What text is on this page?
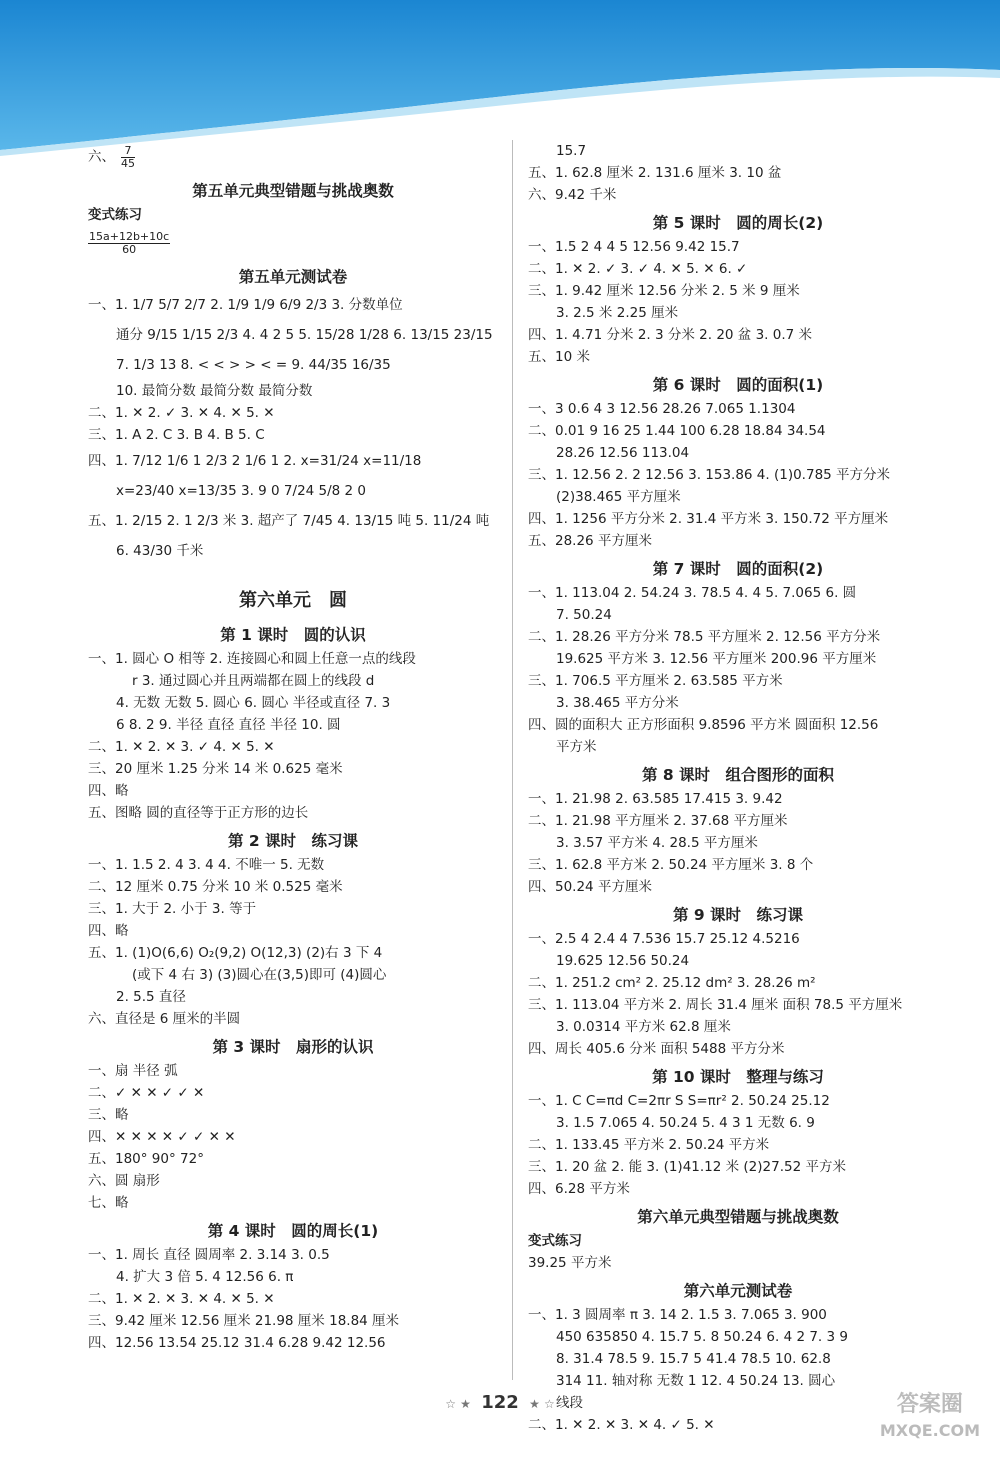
六、 $\frac{7}{45}$
第五单元典型错题与挑战奥数
变式练习
$\frac{15a+12b+10c}{60}$
第五单元测试卷
一、1. 1/7 5/7 2/7 2. 1/9 1/9 6/9 2/3 3. 分数单位
通分 9/15 1/15 2/3 4. 4 2 5 5. 15/28 1/28 6. 13/15 23/15
7. 1/3 13 8. < < > > < = 9. 44/35 16/35
10. 最简分数 最简分数 最简分数
二、1. ✕ 2. ✓ 3. ✕ 4. ✕ 5. ✕
三、1. A 2. C 3. B 4. B 5. C
四、1. 7/12 1/6 1 2/3 2 1/6 1 2. x=31/24 x=11/18
x=23/40 x=13/35 3. 9 0 7/24 5/8 2 0
五、1. 2/15 2. 1 2/3 米 3. 超产了 7/45 4. 13/15 吨 5. 11/24 吨
6. 43/30 千米
第六单元　圆
第 1 课时　圆的认识
一、1. 圆心 O 相等 2. 连接圆心和圆上任意一点的线段
r 3. 通过圆心并且两端都在圆上的线段 d
4. 无数 无数 5. 圆心 6. 圆心 半径或直径 7. 3
6 8. 2 9. 半径 直径 直径 半径 10. 圆
二、1. ✕ 2. ✕ 3. ✓ 4. ✕ 5. ✕
三、20 厘米 1.25 分米 14 米 0.625 毫米
四、略
五、图略 圆的直径等于正方形的边长
第 2 课时　练习课
一、1. 1.5 2. 4 3. 4 4. 不唯一 5. 无数
二、12 厘米 0.75 分米 10 米 0.525 毫米
三、1. 大于 2. 小于 3. 等于
四、略
五、1. (1)O(6,6) O₂(9,2) O(12,3) (2)右 3 下 4
(或下 4 右 3) (3)圆心在(3,5)即可 (4)圆心
2. 5.5 直径
六、直径是 6 厘米的半圆
第 3 课时　扇形的认识
一、扇 半径 弧
二、✓ ✕ ✕ ✓ ✓ ✕
三、略
四、✕ ✕ ✕ ✕ ✓ ✓ ✕ ✕
五、180° 90° 72°
六、圆 扇形
七、略
第 4 课时　圆的周长(1)
一、1. 周长 直径 圆周率 2. 3.14 3. 0.5
4. 扩大 3 倍 5. 4 12.56 6. π
二、1. ✕ 2. ✕ 3. ✕ 4. ✕ 5. ✕
三、9.42 厘米 12.56 厘米 21.98 厘米 18.84 厘米
四、12.56 13.54 25.12 31.4 6.28 9.42 12.56
15.7
五、1. 62.8 厘米 2. 131.6 厘米 3. 10 盆
六、9.42 千米
第 5 课时　圆的周长(2)
一、1.5 2 4 4 5 12.56 9.42 15.7
二、1. ✕ 2. ✓ 3. ✓ 4. ✕ 5. ✕ 6. ✓
三、1. 9.42 厘米 12.56 分米 2. 5 米 9 厘米
3. 2.5 米 2.25 厘米
四、1. 4.71 分米 2. 3 分米 2. 20 盆 3. 0.7 米
五、10 米
第 6 课时　圆的面积(1)
一、3 0.6 4 3 12.56 28.26 7.065 1.1304
二、0.01 9 16 25 1.44 100 6.28 18.84 34.54
28.26 12.56 113.04
三、1. 12.56 2. 2 12.56 3. 153.86 4. (1)0.785 平方分米
(2)38.465 平方厘米
四、1. 1256 平方分米 2. 31.4 平方米 3. 150.72 平方厘米
五、28.26 平方厘米
第 7 课时　圆的面积(2)
一、1. 113.04 2. 54.24 3. 78.5 4. 4 5. 7.065 6. 圆
7. 50.24
二、1. 28.26 平方分米 78.5 平方厘米 2. 12.56 平方分米
19.625 平方米 3. 12.56 平方厘米 200.96 平方厘米
三、1. 706.5 平方厘米 2. 63.585 平方米
3. 38.465 平方分米
四、圆的面积大 正方形面积 9.8596 平方米 圆面积 12.56
平方米
第 8 课时　组合图形的面积
一、1. 21.98 2. 63.585 17.415 3. 9.42
二、1. 21.98 平方厘米 2. 37.68 平方厘米
3. 3.57 平方米 4. 28.5 平方厘米
三、1. 62.8 平方米 2. 50.24 平方厘米 3. 8 个
四、50.24 平方厘米
第 9 课时　练习课
一、2.5 4 2.4 4 7.536 15.7 25.12 4.5216
19.625 12.56 50.24
二、1. 251.2 cm² 2. 25.12 dm² 3. 28.26 m²
三、1. 113.04 平方米 2. 周长 31.4 厘米 面积 78.5 平方厘米
3. 0.0314 平方米 62.8 厘米
四、周长 405.6 分米 面积 5488 平方分米
第 10 课时　整理与练习
一、1. C C=πd C=2πr S S=πr² 2. 50.24 25.12
3. 1.5 7.065 4. 50.24 5. 4 3 1 无数 6. 9
二、1. 133.45 平方米 2. 50.24 平方米
三、1. 20 盆 2. 能 3. (1)41.12 米 (2)27.52 平方米
四、6.28 平方米
第六单元典型错题与挑战奥数
变式练习
39.25 平方米
第六单元测试卷
一、1. 3 圆周率 π 3. 14 2. 1.5 3. 7.065 3. 900
450 635850 4. 15.7 5. 8 50.24 6. 4 2 7. 3 9
8. 31.4 78.5 9. 15.7 5 41.4 78.5 10. 62.8
314 11. 轴对称 无数 1 12. 4 50.24 13. 圆心
线段
二、1. ✕ 2. ✕ 3. ✕ 4. ✓ 5. ✕
☆ ★ 122 ★ ☆	答案圈
MXQE.COM
